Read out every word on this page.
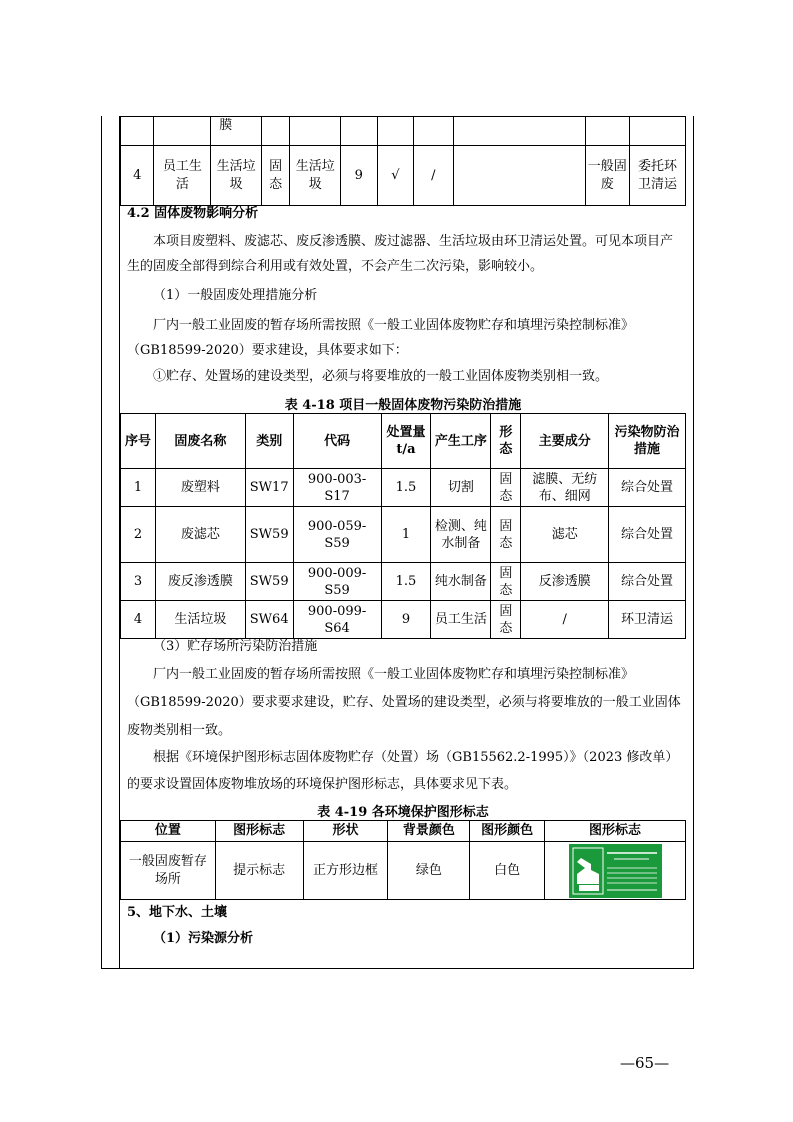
		膜								
4	员工生活	生活垃圾	固态	生活垃圾	9	√	/		一般固废	委托环卫清运
4.2 固体废物影响分析
本项目废塑料、废滤芯、废反渗透膜、废过滤器、生活垃圾由环卫清运处置。可见本项目产生的固废全部得到综合利用或有效处置，不会产生二次污染，影响较小。
（1）一般固废处理措施分析
厂内一般工业固废的暂存场所需按照《一般工业固体废物贮存和填埋污染控制标准》（GB18599-2020）要求建设，具体要求如下：
①贮存、处置场的建设类型，必须与将要堆放的一般工业固体废物类别相一致。
表 4-18 项目一般固体废物污染防治措施
序号	固废名称	类别	代码	处置量 t/a	产生工序	形态	主要成分	污染物防治措施
1	废塑料	SW17	900-003-S17	1.5	切割	固态	滤膜、无纺布、细网	综合处置
2	废滤芯	SW59	900-059-S59	1	检测、纯水制备	固态	滤芯	综合处置
3	废反渗透膜	SW59	900-009-S59	1.5	纯水制备	固态	反渗透膜	综合处置
4	生活垃圾	SW64	900-099-S64	9	员工生活	固态	/	环卫清运
（3）贮存场所污染防治措施
厂内一般工业固废的暂存场所需按照《一般工业固体废物贮存和填埋污染控制标准》（GB18599-2020）要求要求建设，贮存、处置场的建设类型，必须与将要堆放的一般工业固体废物类别相一致。
根据《环境保护图形标志固体废物贮存（处置）场（GB15562.2-1995）》（2023 修改单）的要求设置固体废物堆放场的环境保护图形标志，具体要求见下表。
表 4-19 各环境保护图形标志
位置	图形标志	形状	背景颜色	图形颜色	图形标志
一般固废暂存场所	提示标志	正方形边框	绿色	白色	
5、地下水、土壤
（1）污染源分析
—65—
